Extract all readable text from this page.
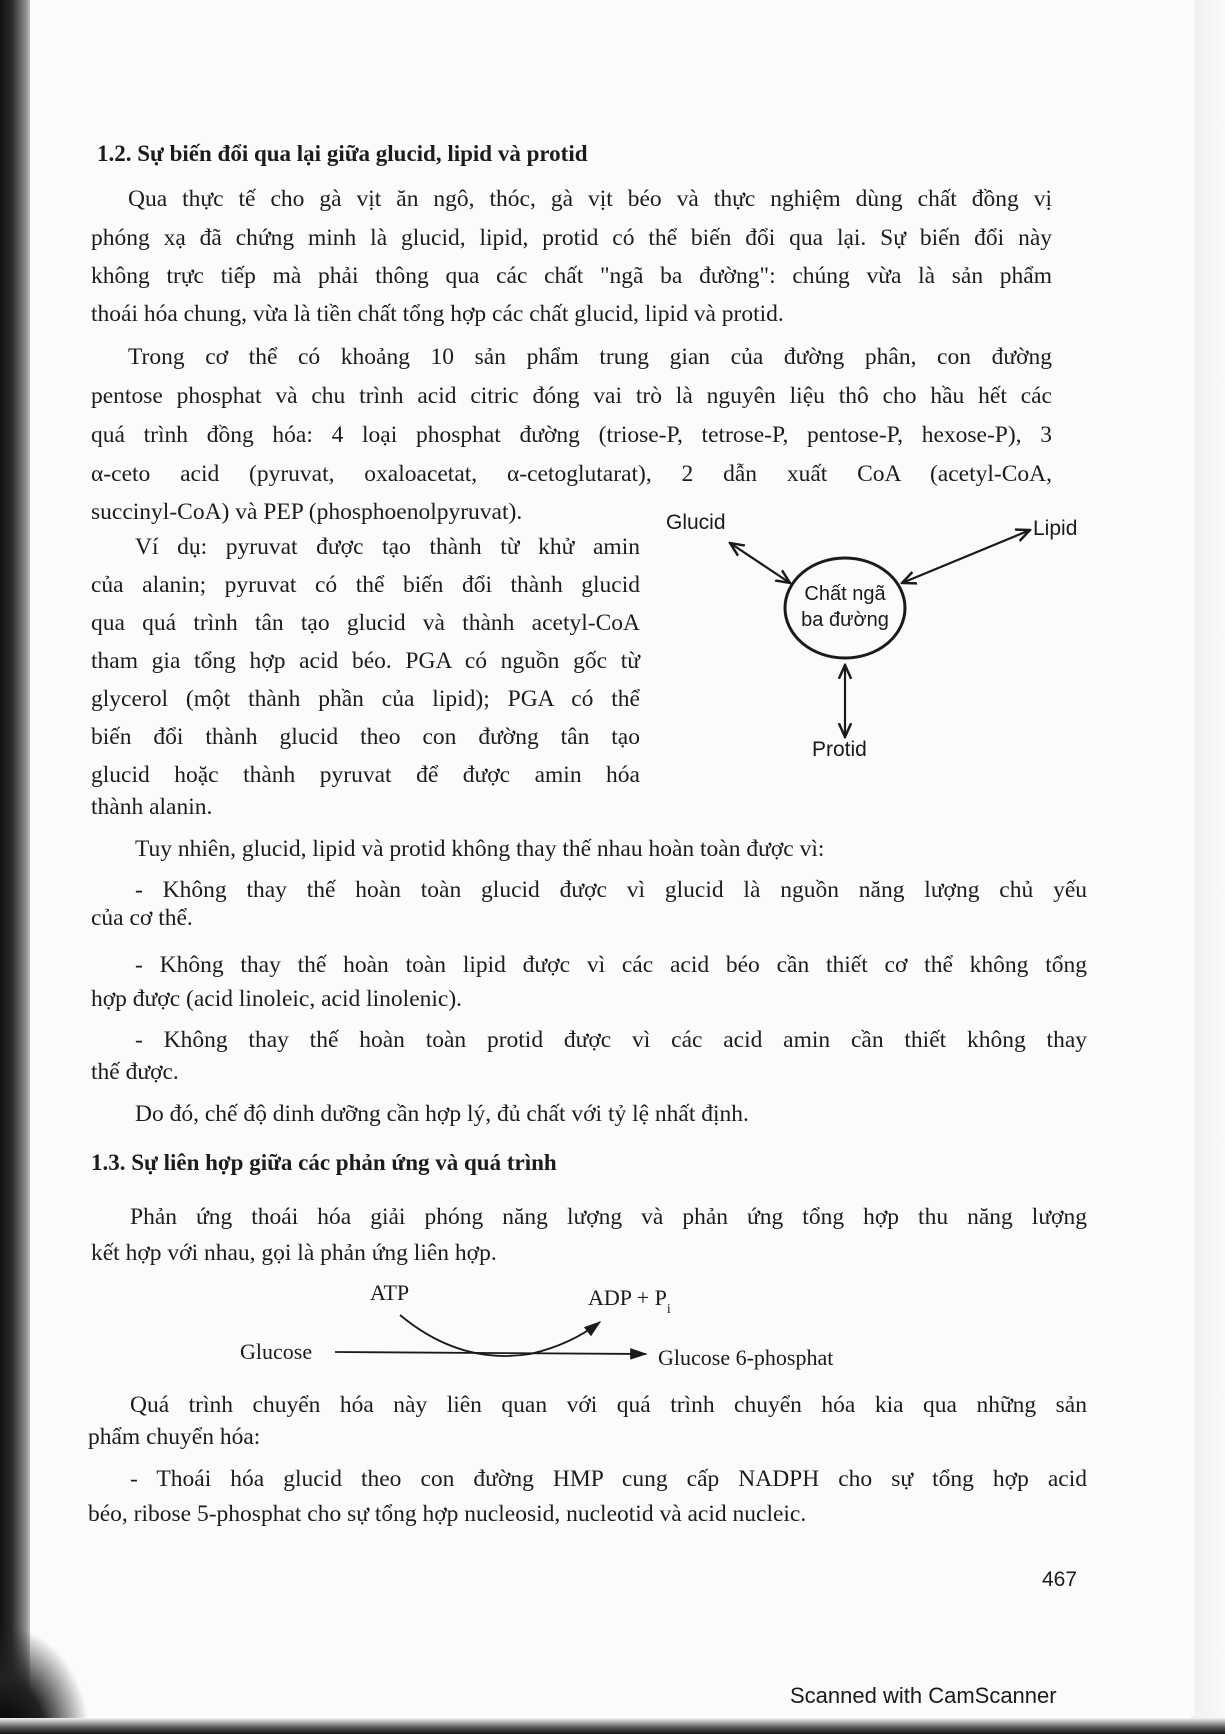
1.2. Sự biến đổi qua lại giữa glucid, lipid và protid
Qua thực tế cho gà vịt ăn ngô, thóc, gà vịt béo và thực nghiệm dùng chất đồng vị
phóng xạ đã chứng minh là glucid, lipid, protid có thể biến đổi qua lại. Sự biến đổi này
không trực tiếp mà phải thông qua các chất "ngã ba đường": chúng vừa là sản phẩm
thoái hóa chung, vừa là tiền chất tổng hợp các chất glucid, lipid và protid.
Trong cơ thể có khoảng 10 sản phẩm trung gian của đường phân, con đường
pentose phosphat và chu trình acid citric đóng vai trò là nguyên liệu thô cho hầu hết các
quá trình đồng hóa: 4 loại phosphat đường (triose-P, tetrose-P, pentose-P, hexose-P), 3
α-ceto acid (pyruvat, oxaloacetat, α-cetoglutarat), 2 dẫn xuất CoA (acetyl-CoA,
succinyl-CoA) và PEP (phosphoenolpyruvat).
Ví dụ: pyruvat được tạo thành từ khử amin
của alanin; pyruvat có thể biến đổi thành glucid
qua quá trình tân tạo glucid và thành acetyl-CoA
tham gia tổng hợp acid béo. PGA có nguồn gốc từ
glycerol (một thành phần của lipid); PGA có thể
biến đổi thành glucid theo con đường tân tạo
glucid hoặc thành pyruvat để được amin hóa
thành alanin.
Glucid	Lipid
Protid
Chất ngã
ba đường
Tuy nhiên, glucid, lipid và protid không thay thế nhau hoàn toàn được vì:
- Không thay thế hoàn toàn glucid được vì glucid là nguồn năng lượng chủ yếu
của cơ thể.
- Không thay thế hoàn toàn lipid được vì các acid béo cần thiết cơ thể không tổng
hợp được (acid linoleic, acid linolenic).
- Không thay thế hoàn toàn protid được vì các acid amin cần thiết không thay
thế được.
Do đó, chế độ dinh dưỡng cần hợp lý, đủ chất với tỷ lệ nhất định.
1.3. Sự liên hợp giữa các phản ứng và quá trình
Phản ứng thoái hóa giải phóng năng lượng và phản ứng tổng hợp thu năng lượng
kết hợp với nhau, gọi là phản ứng liên hợp.
ATP	ADP + $P_i$
Glucose	Glucose 6-phosphat
Quá trình chuyển hóa này liên quan với quá trình chuyển hóa kia qua những sản
phẩm chuyển hóa:
- Thoái hóa glucid theo con đường HMP cung cấp NADPH cho sự tổng hợp acid
béo, ribose 5-phosphat cho sự tổng hợp nucleosid, nucleotid và acid nucleic.
467
Scanned with CamScanner
